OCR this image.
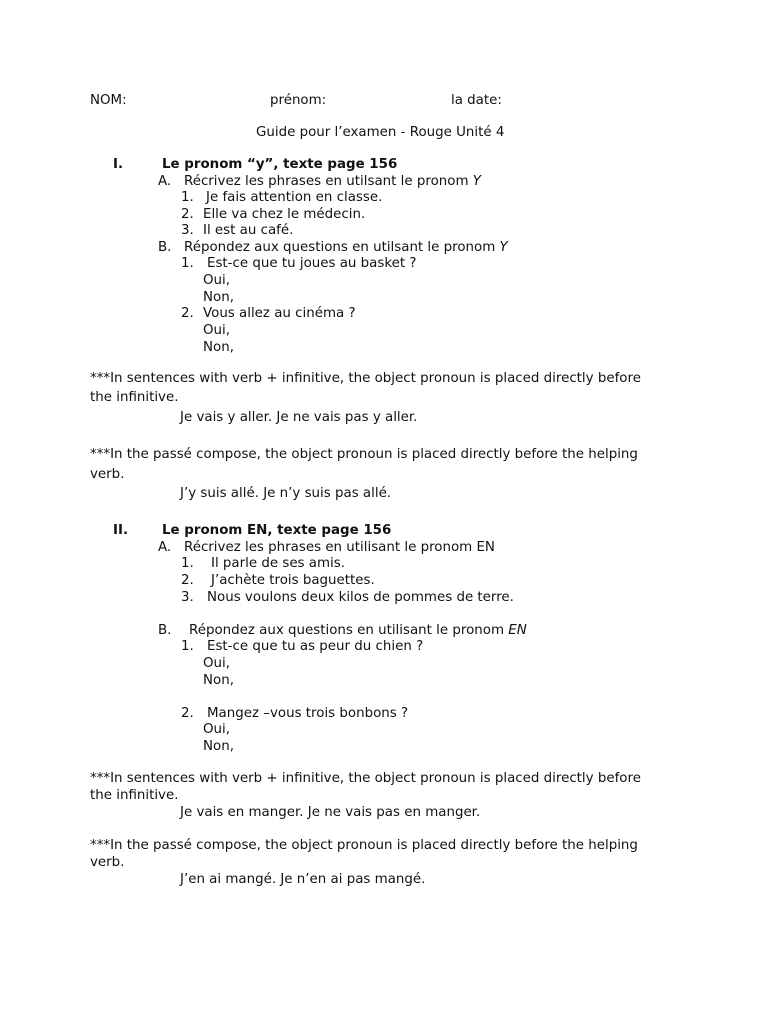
NOM:	prénom:	la date:
Guide pour l’examen - Rouge Unité 4
I.	Le pronom “y”, texte page 156
A. Récrivez les phrases en utilsant le pronom Y
1. Je fais attention en classe.
2. Elle va chez le médecin.
3. Il est au café.
B. Répondez aux questions en utilsant le pronom Y
1. Est-ce que tu joues au basket ?
Oui,
Non,
2. Vous allez au cinéma ?
Oui,
Non,
***In sentences with verb + infinitive, the object pronoun is placed directly before
the infinitive.
Je vais y aller. Je ne vais pas y aller.
***In the passé compose, the object pronoun is placed directly before the helping
verb.
J’y suis allé. Je n’y suis pas allé.
II.	Le pronom EN, texte page 156
A. Récrivez les phrases en utilisant le pronom EN
1. Il parle de ses amis.
2. J’achète trois baguettes.
3. Nous voulons deux kilos de pommes de terre.
B. Répondez aux questions en utilisant le pronom EN
1. Est-ce que tu as peur du chien ?
Oui,
Non,
2. Mangez –vous trois bonbons ?
Oui,
Non,
***In sentences with verb + infinitive, the object pronoun is placed directly before
the infinitive.
Je vais en manger. Je ne vais pas en manger.
***In the passé compose, the object pronoun is placed directly before the helping
verb.
J’en ai mangé. Je n’en ai pas mangé.
